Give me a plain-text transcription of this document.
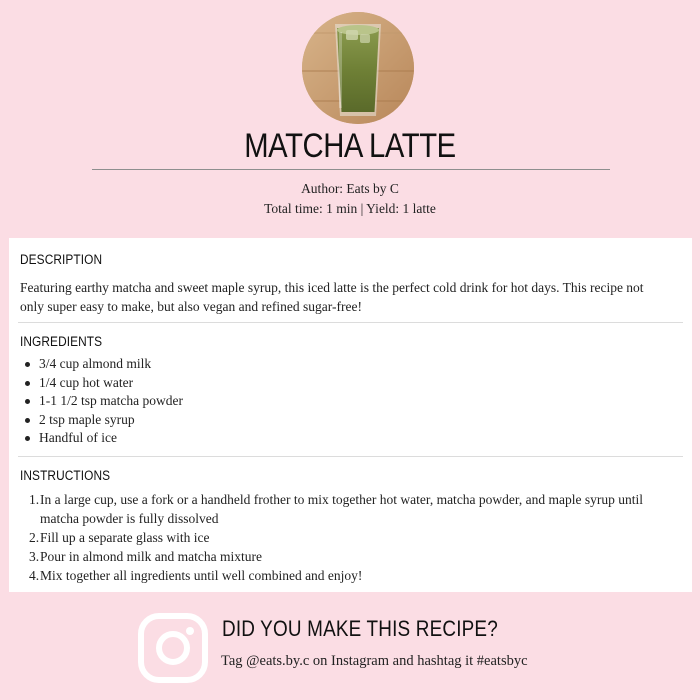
MATCHA LATTE
Author: Eats by C
Total time: 1 min | Yield: 1 latte
DESCRIPTION
Featuring earthy matcha and sweet maple syrup, this iced latte is the perfect cold drink for hot days. This recipe not only super easy to make, but also vegan and refined sugar-free!
INGREDIENTS
3/4 cup almond milk
1/4 cup hot water
1-1 1/2 tsp matcha powder
2 tsp maple syrup
Handful of ice
INSTRUCTIONS
1. In a large cup, use a fork or a handheld frother to mix together hot water, matcha powder, and maple syrup until matcha powder is fully dissolved
2. Fill up a separate glass with ice
3. Pour in almond milk and matcha mixture
4. Mix together all ingredients until well combined and enjoy!
DID YOU MAKE THIS RECIPE?
Tag @eats.by.c on Instagram and hashtag it #eatsbyc
